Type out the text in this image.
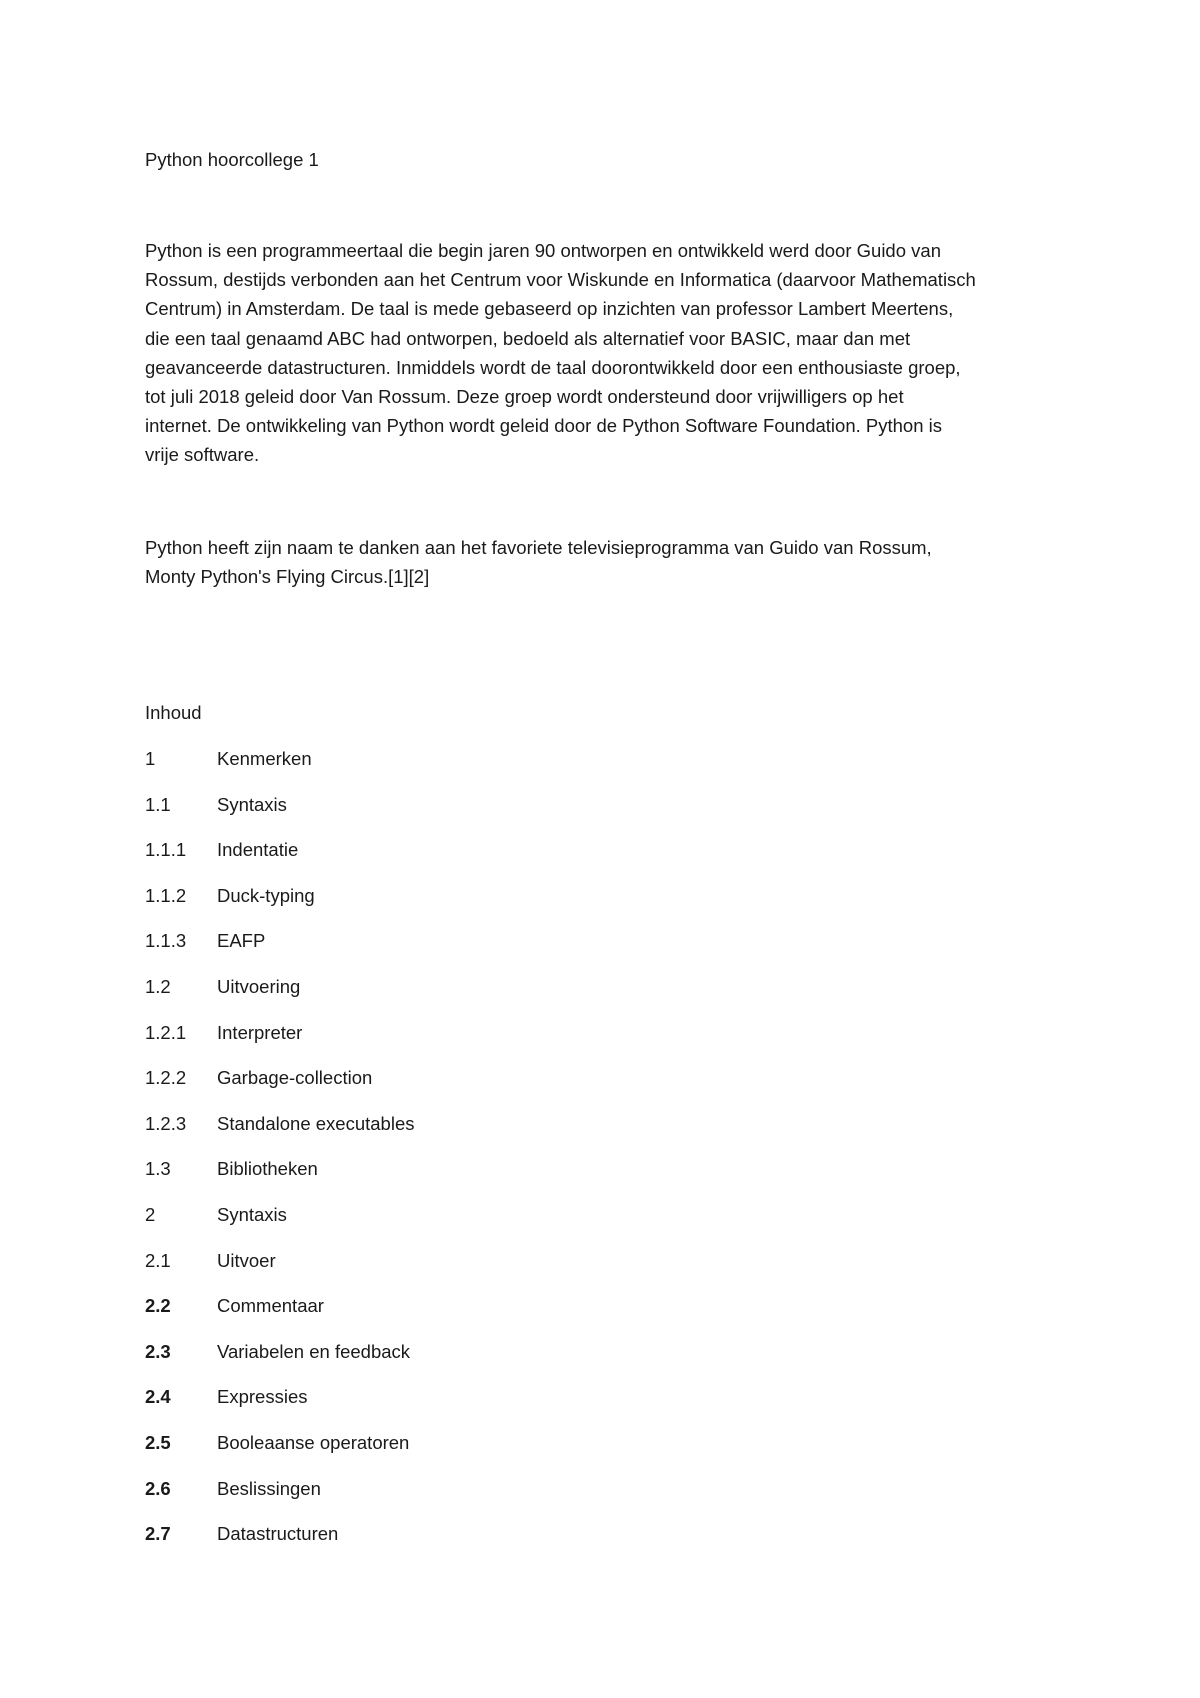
Python hoorcollege 1

Python is een programmeertaal die begin jaren 90 ontworpen en ontwikkeld werd door Guido van
Rossum, destijds verbonden aan het Centrum voor Wiskunde en Informatica (daarvoor Mathematisch
Centrum) in Amsterdam. De taal is mede gebaseerd op inzichten van professor Lambert Meertens,
die een taal genaamd ABC had ontworpen, bedoeld als alternatief voor BASIC, maar dan met
geavanceerde datastructuren. Inmiddels wordt de taal doorontwikkeld door een enthousiaste groep,
tot juli 2018 geleid door Van Rossum. Deze groep wordt ondersteund door vrijwilligers op het
internet. De ontwikkeling van Python wordt geleid door de Python Software Foundation. Python is
vrije software.

Python heeft zijn naam te danken aan het favoriete televisieprogramma van Guido van Rossum,
Monty Python's Flying Circus.[1][2]

Inhoud
1	Kenmerken
1.1	Syntaxis
1.1.1	Indentatie
1.1.2	Duck-typing
1.1.3	EAFP
1.2	Uitvoering
1.2.1	Interpreter
1.2.2	Garbage-collection
1.2.3	Standalone executables
1.3	Bibliotheken
2	Syntaxis
2.1	Uitvoer
2.2	Commentaar
2.3	Variabelen en feedback
2.4	Expressies
2.5	Booleaanse operatoren
2.6	Beslissingen
2.7	Datastructuren
